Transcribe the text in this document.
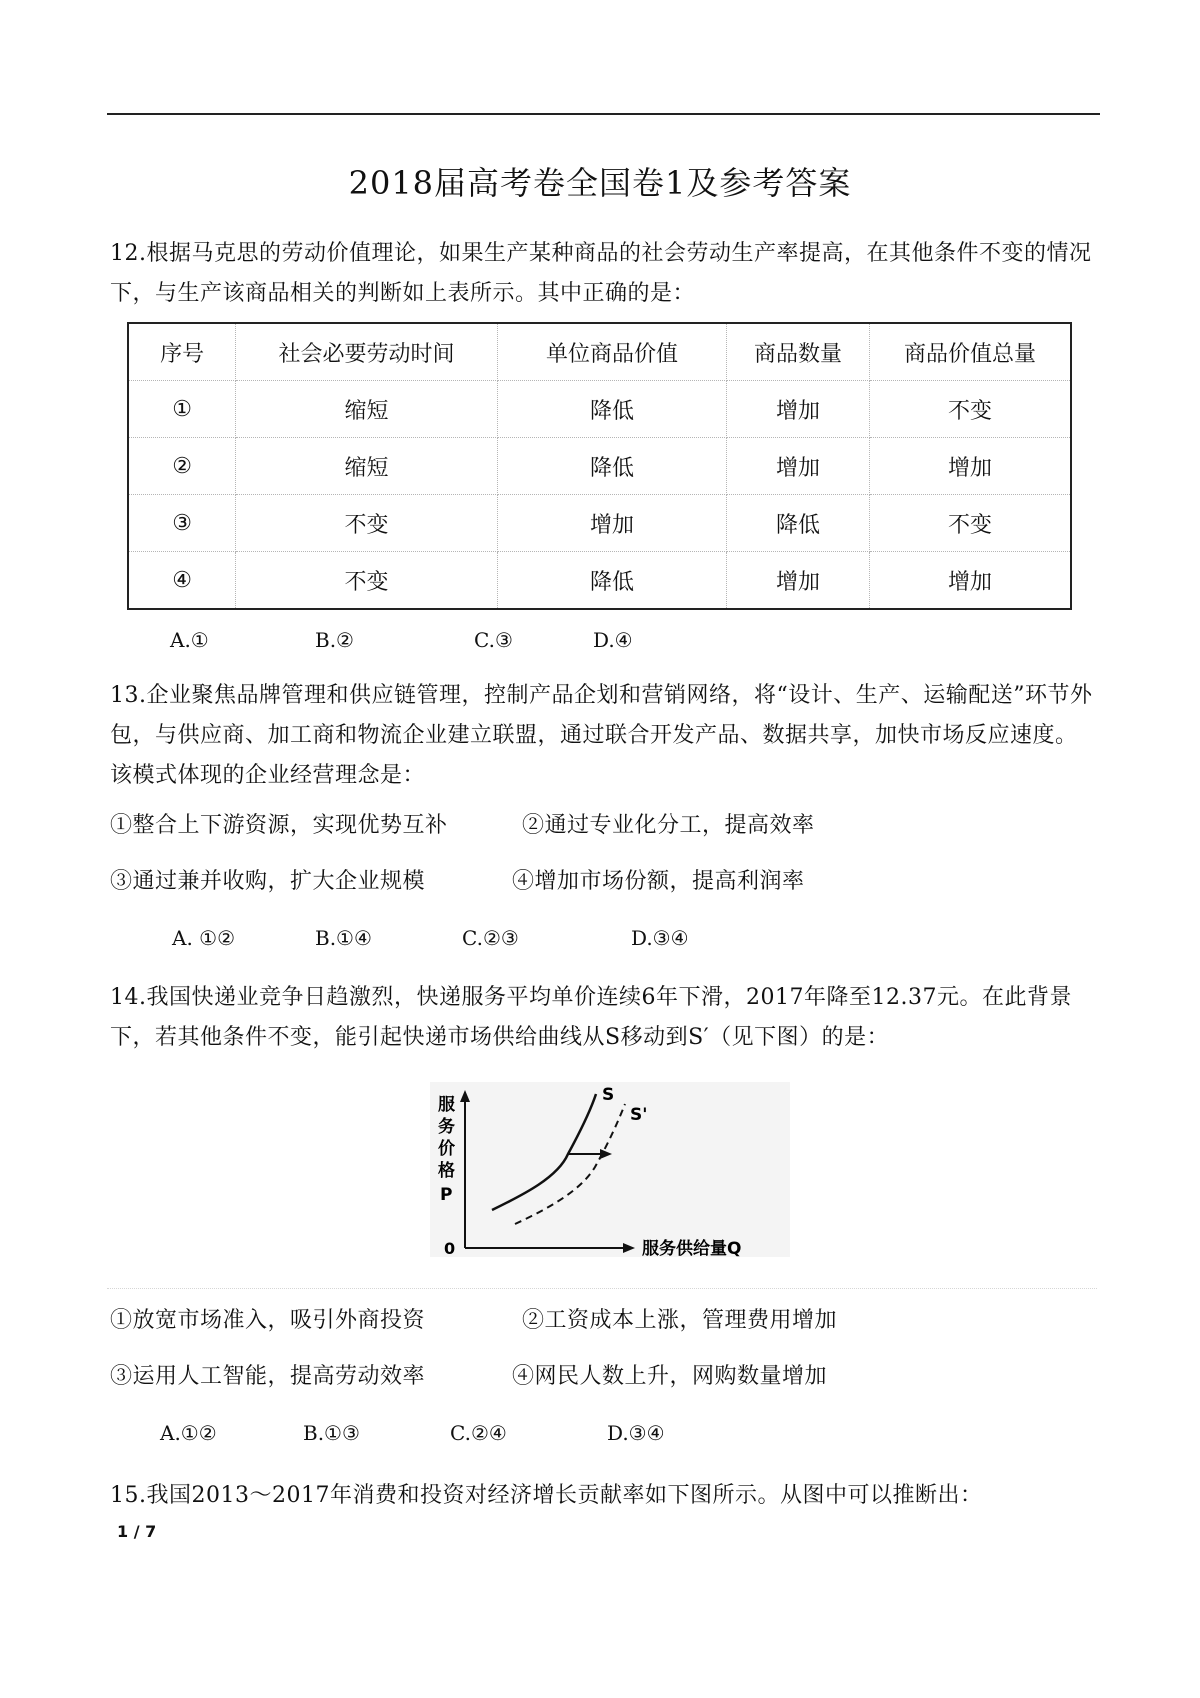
2018届高考卷全国卷1及参考答案
12.根据马克思的劳动价值理论，如果生产某种商品的社会劳动生产率提高，在其他条件不变的情况下，与生产该商品相关的判断如上表所示。其中正确的是：
序号	社会必要劳动时间	单位商品价值	商品数量	商品价值总量
①	缩短	降低	增加	不变
②	缩短	降低	增加	增加
③	不变	增加	降低	不变
④	不变	降低	增加	增加
A.①	B.②	C.③	D.④
13.企业聚焦品牌管理和供应链管理，控制产品企划和营销网络，将“设计、生产、运输配送”环节外包，与供应商、加工商和物流企业建立联盟，通过联合开发产品、数据共享，加快市场反应速度。该模式体现的企业经营理念是：
①整合上下游资源，实现优势互补	②通过专业化分工，提高效率
③通过兼并收购，扩大企业规模	④增加市场份额，提高利润率
A. ①②	B.①④	C.②③	D.③④
14.我国快递业竞争日趋激烈，快递服务平均单价连续6年下滑，2017年降至12.37元。在此背景下，若其他条件不变，能引起快递市场供给曲线从S移动到S′（见下图）的是：
S
S'
服
务
价
格
P
0	服务供给量Q
①放宽市场准入，吸引外商投资	②工资成本上涨，管理费用增加
③运用人工智能，提高劳动效率	④网民人数上升，网购数量增加
A.①②	B.①③	C.②④	D.③④
15.我国2013～2017年消费和投资对经济增长贡献率如下图所示。从图中可以推断出：
1 / 7
